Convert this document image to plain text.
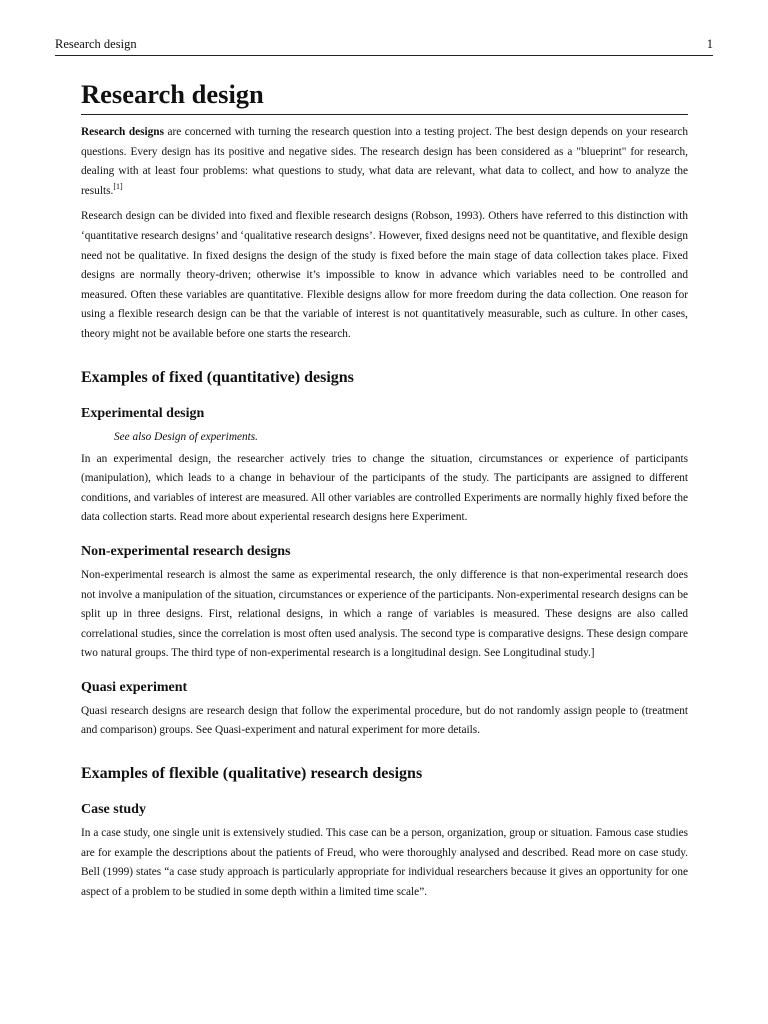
Research design	1
Research design

Research designs are concerned with turning the research question into a testing project. The best design depends on your research questions. Every design has its positive and negative sides. The research design has been considered as a "blueprint" for research, dealing with at least four problems: what questions to study, what data are relevant, what data to collect, and how to analyze the results.[1]

Research design can be divided into fixed and flexible research designs (Robson, 1993). Others have referred to this distinction with ‘quantitative research designs’ and ‘qualitative research designs’. However, fixed designs need not be quantitative, and flexible design need not be qualitative. In fixed designs the design of the study is fixed before the main stage of data collection takes place. Fixed designs are normally theory-driven; otherwise it’s impossible to know in advance which variables need to be controlled and measured. Often these variables are quantitative. Flexible designs allow for more freedom during the data collection. One reason for using a flexible research design can be that the variable of interest is not quantitatively measurable, such as culture. In other cases, theory might not be available before one starts the research.

Examples of fixed (quantitative) designs
Experimental design
See also Design of experiments.

In an experimental design, the researcher actively tries to change the situation, circumstances or experience of participants (manipulation), which leads to a change in behaviour of the participants of the study. The participants are assigned to different conditions, and variables of interest are measured. All other variables are controlled Experiments are normally highly fixed before the data collection starts. Read more about experiental research designs here Experiment.

Non-experimental research designs

Non-experimental research is almost the same as experimental research, the only difference is that non-experimental research does not involve a manipulation of the situation, circumstances or experience of the participants. Non-experimental research designs can be split up in three designs. First, relational designs, in which a range of variables is measured. These designs are also called correlational studies, since the correlation is most often used analysis. The second type is comparative designs. These design compare two natural groups. The third type of non-experimental research is a longitudinal design. See Longitudinal study.]

Quasi experiment

Quasi research designs are research design that follow the experimental procedure, but do not randomly assign people to (treatment and comparison) groups. See Quasi-experiment and natural experiment for more details.

Examples of flexible (qualitative) research designs
Case study

In a case study, one single unit is extensively studied. This case can be a person, organization, group or situation. Famous case studies are for example the descriptions about the patients of Freud, who were thoroughly analysed and described. Read more on case study. Bell (1999) states “a case study approach is particularly appropriate for individual researchers because it gives an opportunity for one aspect of a problem to be studied in some depth within a limited time scale”.
